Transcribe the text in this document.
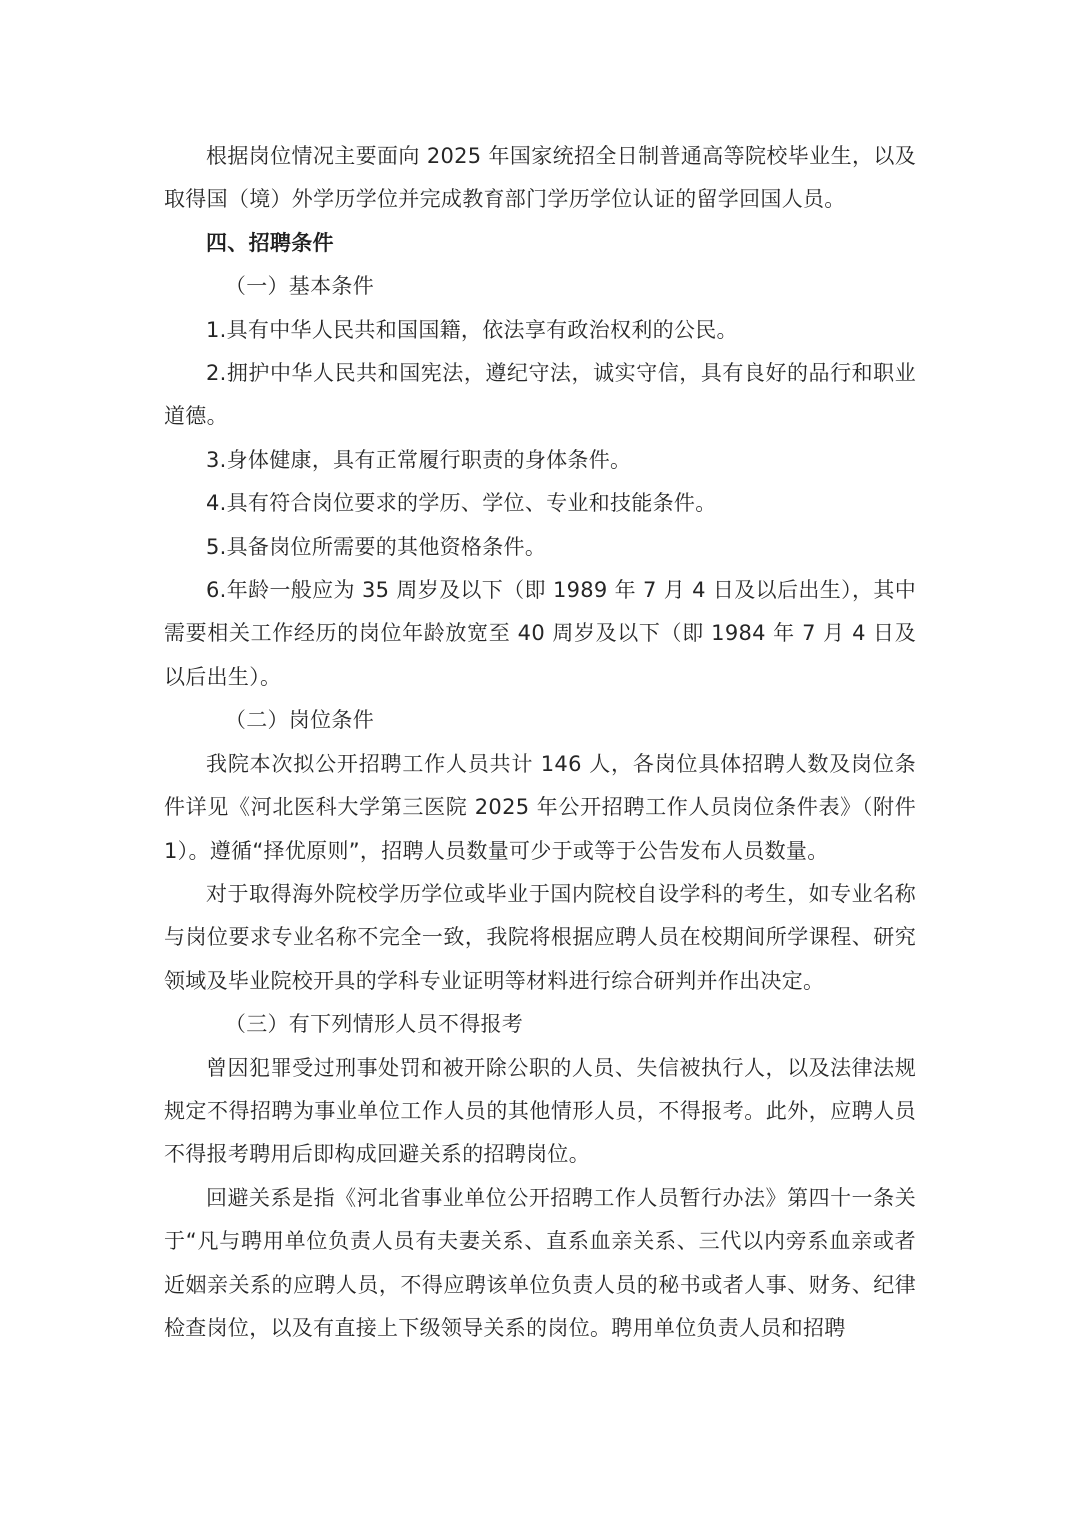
根据岗位情况主要面向 2025 年国家统招全日制普通高等院校毕业生，以及取得国（境）外学历学位并完成教育部门学历学位认证的留学回国人员。

四、招聘条件

（一）基本条件

1.具有中华人民共和国国籍，依法享有政治权利的公民。

2.拥护中华人民共和国宪法，遵纪守法，诚实守信，具有良好的品行和职业道德。

3.身体健康，具有正常履行职责的身体条件。

4.具有符合岗位要求的学历、学位、专业和技能条件。

5.具备岗位所需要的其他资格条件。

6.年龄一般应为 35 周岁及以下（即 1989 年 7 月 4 日及以后出生），其中需要相关工作经历的岗位年龄放宽至 40 周岁及以下（即 1984 年 7 月 4 日及以后出生）。

（二）岗位条件

我院本次拟公开招聘工作人员共计 146 人，各岗位具体招聘人数及岗位条件详见《河北医科大学第三医院 2025 年公开招聘工作人员岗位条件表》（附件 1）。遵循“择优原则”，招聘人员数量可少于或等于公告发布人员数量。

对于取得海外院校学历学位或毕业于国内院校自设学科的考生，如专业名称与岗位要求专业名称不完全一致，我院将根据应聘人员在校期间所学课程、研究领域及毕业院校开具的学科专业证明等材料进行综合研判并作出决定。

（三）有下列情形人员不得报考

曾因犯罪受过刑事处罚和被开除公职的人员、失信被执行人，以及法律法规规定不得招聘为事业单位工作人员的其他情形人员，不得报考。此外，应聘人员不得报考聘用后即构成回避关系的招聘岗位。

回避关系是指《河北省事业单位公开招聘工作人员暂行办法》第四十一条关于“凡与聘用单位负责人员有夫妻关系、直系血亲关系、三代以内旁系血亲或者近姻亲关系的应聘人员，不得应聘该单位负责人员的秘书或者人事、财务、纪律检查岗位，以及有直接上下级领导关系的岗位。聘用单位负责人员和招聘
